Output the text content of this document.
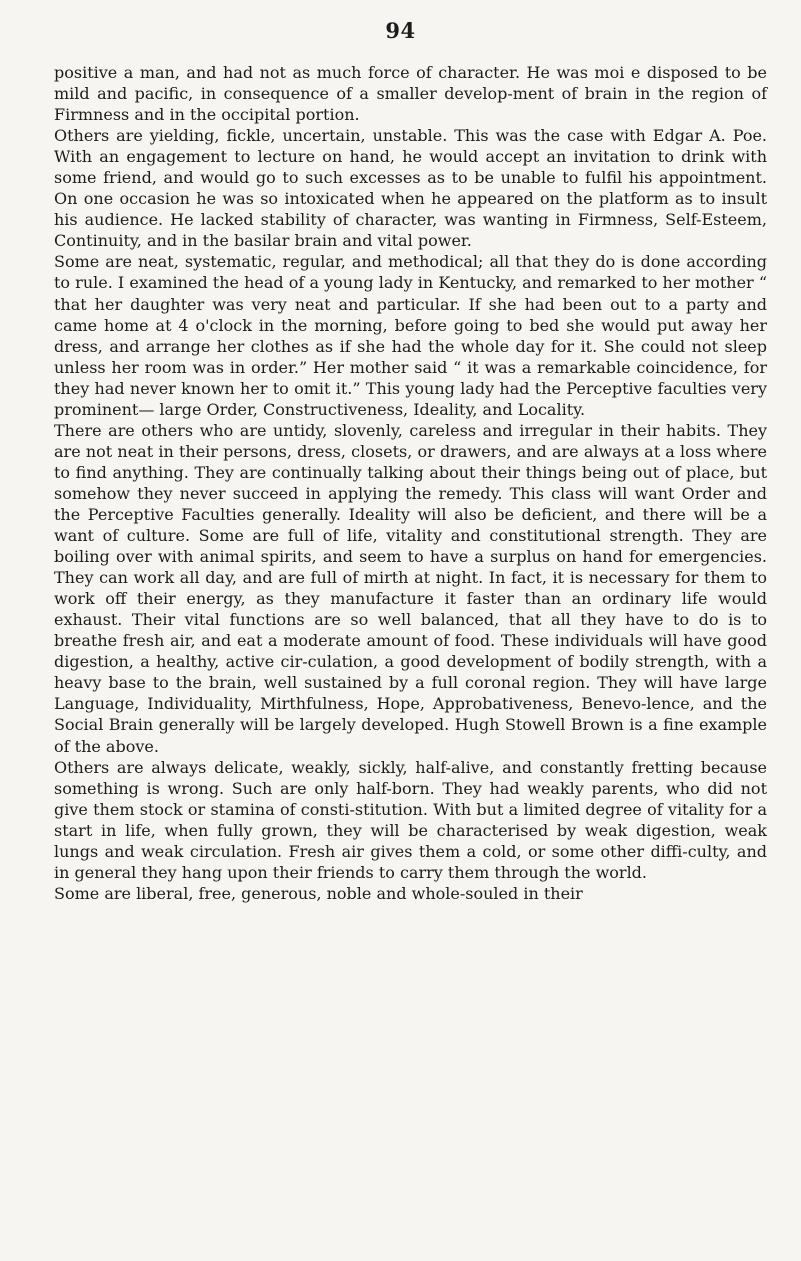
94

positive a man, and had not as much force of character. He was moi e disposed to be mild and pacific, in consequence of a smaller develop-ment of brain in the region of Firmness and in the occipital portion.

Others are yielding, fickle, uncertain, unstable. This was the case with Edgar A. Poe. With an engagement to lecture on hand, he would accept an invitation to drink with some friend, and would go to such excesses as to be unable to fulfil his appointment. On one occasion he was so intoxicated when he appeared on the platform as to insult his audience. He lacked stability of character, was wanting in Firmness, Self-Esteem, Continuity, and in the basilar brain and vital power.

Some are neat, systematic, regular, and methodical; all that they do is done according to rule. I examined the head of a young lady in Kentucky, and remarked to her mother “ that her daughter was very neat and particular. If she had been out to a party and came home at 4 o'clock in the morning, before going to bed she would put away her dress, and arrange her clothes as if she had the whole day for it. She could not sleep unless her room was in order.” Her mother said “ it was a remarkable coincidence, for they had never known her to omit it.” This young lady had the Perceptive faculties very prominent— large Order, Constructiveness, Ideality, and Locality.

There are others who are untidy, slovenly, careless and irregular in their habits. They are not neat in their persons, dress, closets, or drawers, and are always at a loss where to find anything. They are continually talking about their things being out of place, but somehow they never succeed in applying the remedy. This class will want Order and the Perceptive Faculties generally. Ideality will also be deficient, and there will be a want of culture. Some are full of life, vitality and constitutional strength. They are boiling over with animal spirits, and seem to have a surplus on hand for emergencies. They can work all day, and are full of mirth at night. In fact, it is necessary for them to work off their energy, as they manufacture it faster than an ordinary life would exhaust. Their vital functions are so well balanced, that all they have to do is to breathe fresh air, and eat a moderate amount of food. These individuals will have good digestion, a healthy, active cir-culation, a good development of bodily strength, with a heavy base to the brain, well sustained by a full coronal region. They will have large Language, Individuality, Mirthfulness, Hope, Approbativeness, Benevo-lence, and the Social Brain generally will be largely developed. Hugh Stowell Brown is a fine example of the above.

Others are always delicate, weakly, sickly, half-alive, and constantly fretting because something is wrong. Such are only half-born. They had weakly parents, who did not give them stock or stamina of consti-stitution. With but a limited degree of vitality for a start in life, when fully grown, they will be characterised by weak digestion, weak lungs and weak circulation. Fresh air gives them a cold, or some other diffi-culty, and in general they hang upon their friends to carry them through the world.

Some are liberal, free, generous, noble and whole-souled in their
